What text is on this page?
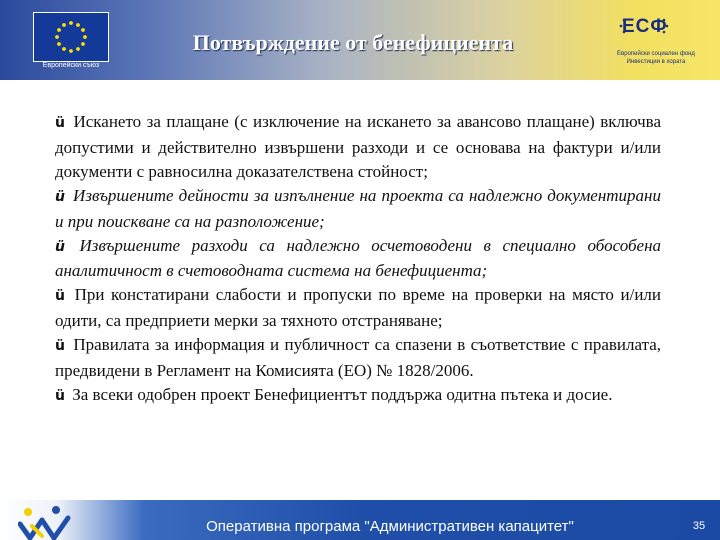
Европейски съюз
Потвърждение от бенефициента
ЕСФ
Европейски социален фонд Инвестиции в хората

ü Искането за плащане (с изключение на искането за авансово плащане) включва допустими и действително извършени разходи и се основава на фактури и/или документи с равносилна доказателствена стойност;

ü Извършените дейности за изпълнение на проекта са надлежно документирани и при поискване са на разположение;

ü Извършените разходи са надлежно осчетоводени в специално обособена аналитичност в счетоводната система на бенефициента;

ü При констатирани слабости и пропуски по време на проверки на място и/или одити, са предприети мерки за тяхното отстраняване;

ü Правилата за информация и публичност са спазени в съответствие с правилата, предвидени в Регламент на Комисията (ЕО) № 1828/2006.

ü За всеки одобрен проект Бенефициентът поддържа одитна пътека и досие.

Оперативна програма "Административен капацитет"	35
